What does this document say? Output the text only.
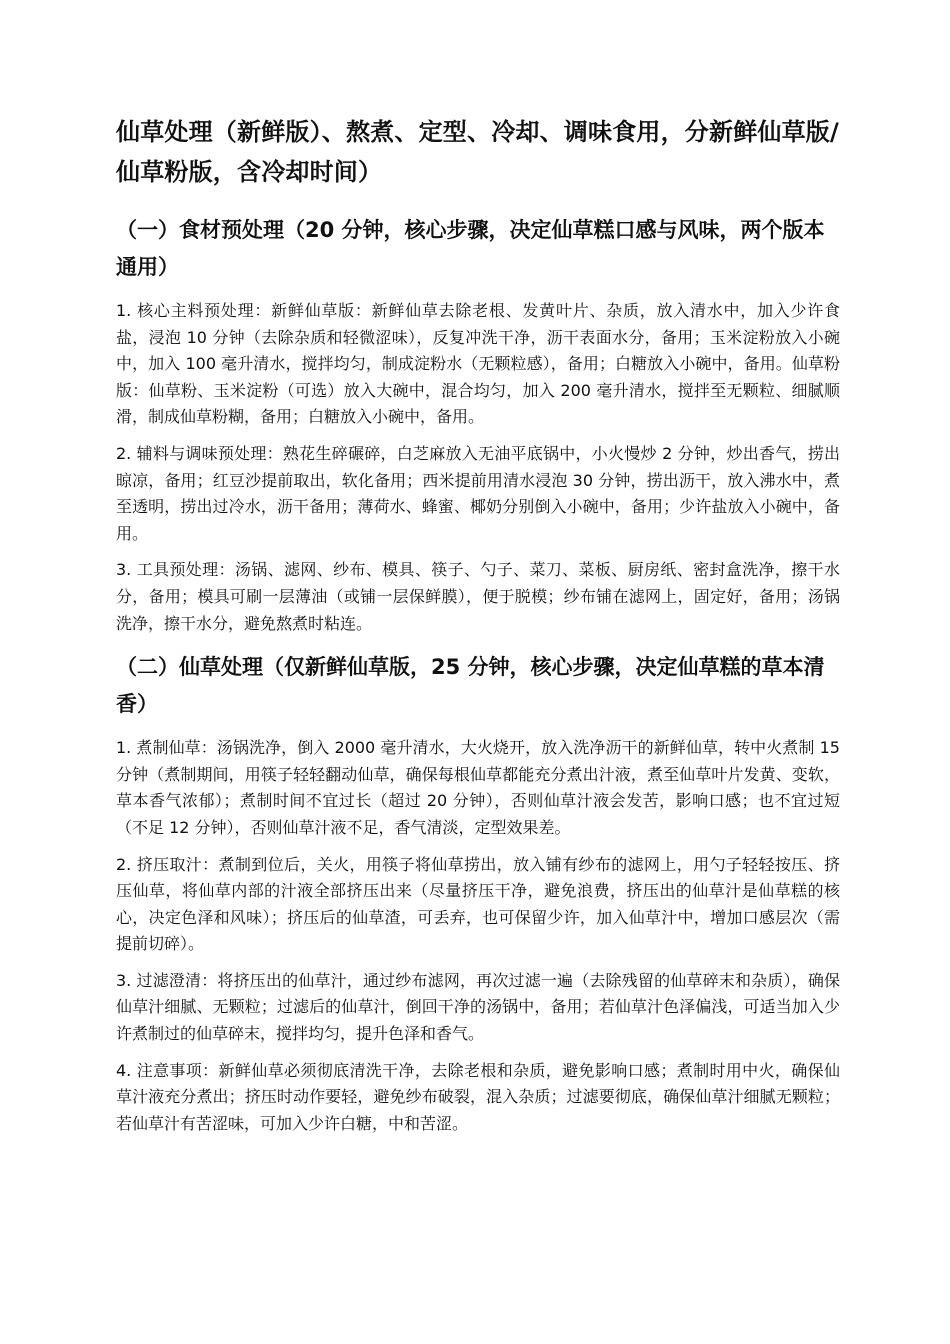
仙草处理（新鲜版）、熬煮、定型、冷却、调味食用，分新鲜仙草版/仙草粉版，含冷却时间）
（一）食材预处理（20 分钟，核心步骤，决定仙草糕口感与风味，两个版本通用）

1. 核心主料预处理：新鲜仙草版：新鲜仙草去除老根、发黄叶片、杂质，放入清水中，加入少许食盐，浸泡 10 分钟（去除杂质和轻微涩味），反复冲洗干净，沥干表面水分，备用；玉米淀粉放入小碗中，加入 100 毫升清水，搅拌均匀，制成淀粉水（无颗粒感），备用；白糖放入小碗中，备用。仙草粉版：仙草粉、玉米淀粉（可选）放入大碗中，混合均匀，加入 200 毫升清水，搅拌至无颗粒、细腻顺滑，制成仙草粉糊，备用；白糖放入小碗中，备用。

2. 辅料与调味预处理：熟花生碎碾碎，白芝麻放入无油平底锅中，小火慢炒 2 分钟，炒出香气，捞出晾凉，备用；红豆沙提前取出，软化备用；西米提前用清水浸泡 30 分钟，捞出沥干，放入沸水中，煮至透明，捞出过冷水，沥干备用；薄荷水、蜂蜜、椰奶分别倒入小碗中，备用；少许盐放入小碗中，备用。

3. 工具预处理：汤锅、滤网、纱布、模具、筷子、勺子、菜刀、菜板、厨房纸、密封盒洗净，擦干水分，备用；模具可刷一层薄油（或铺一层保鲜膜），便于脱模；纱布铺在滤网上，固定好，备用；汤锅洗净，擦干水分，避免熬煮时粘连。

（二）仙草处理（仅新鲜仙草版，25 分钟，核心步骤，决定仙草糕的草本清香）

1. 煮制仙草：汤锅洗净，倒入 2000 毫升清水，大火烧开，放入洗净沥干的新鲜仙草，转中火煮制 15 分钟（煮制期间，用筷子轻轻翻动仙草，确保每根仙草都能充分煮出汁液，煮至仙草叶片发黄、变软，草本香气浓郁）；煮制时间不宜过长（超过 20 分钟），否则仙草汁液会发苦，影响口感；也不宜过短（不足 12 分钟），否则仙草汁液不足，香气清淡，定型效果差。

2. 挤压取汁：煮制到位后，关火，用筷子将仙草捞出，放入铺有纱布的滤网上，用勺子轻轻按压、挤压仙草，将仙草内部的汁液全部挤压出来（尽量挤压干净，避免浪费，挤压出的仙草汁是仙草糕的核心，决定色泽和风味）；挤压后的仙草渣，可丢弃，也可保留少许，加入仙草汁中，增加口感层次（需提前切碎）。

3. 过滤澄清：将挤压出的仙草汁，通过纱布滤网，再次过滤一遍（去除残留的仙草碎末和杂质），确保仙草汁细腻、无颗粒；过滤后的仙草汁，倒回干净的汤锅中，备用；若仙草汁色泽偏浅，可适当加入少许煮制过的仙草碎末，搅拌均匀，提升色泽和香气。

4. 注意事项：新鲜仙草必须彻底清洗干净，去除老根和杂质，避免影响口感；煮制时用中火，确保仙草汁液充分煮出；挤压时动作要轻，避免纱布破裂，混入杂质；过滤要彻底，确保仙草汁细腻无颗粒；若仙草汁有苦涩味，可加入少许白糖，中和苦涩。
